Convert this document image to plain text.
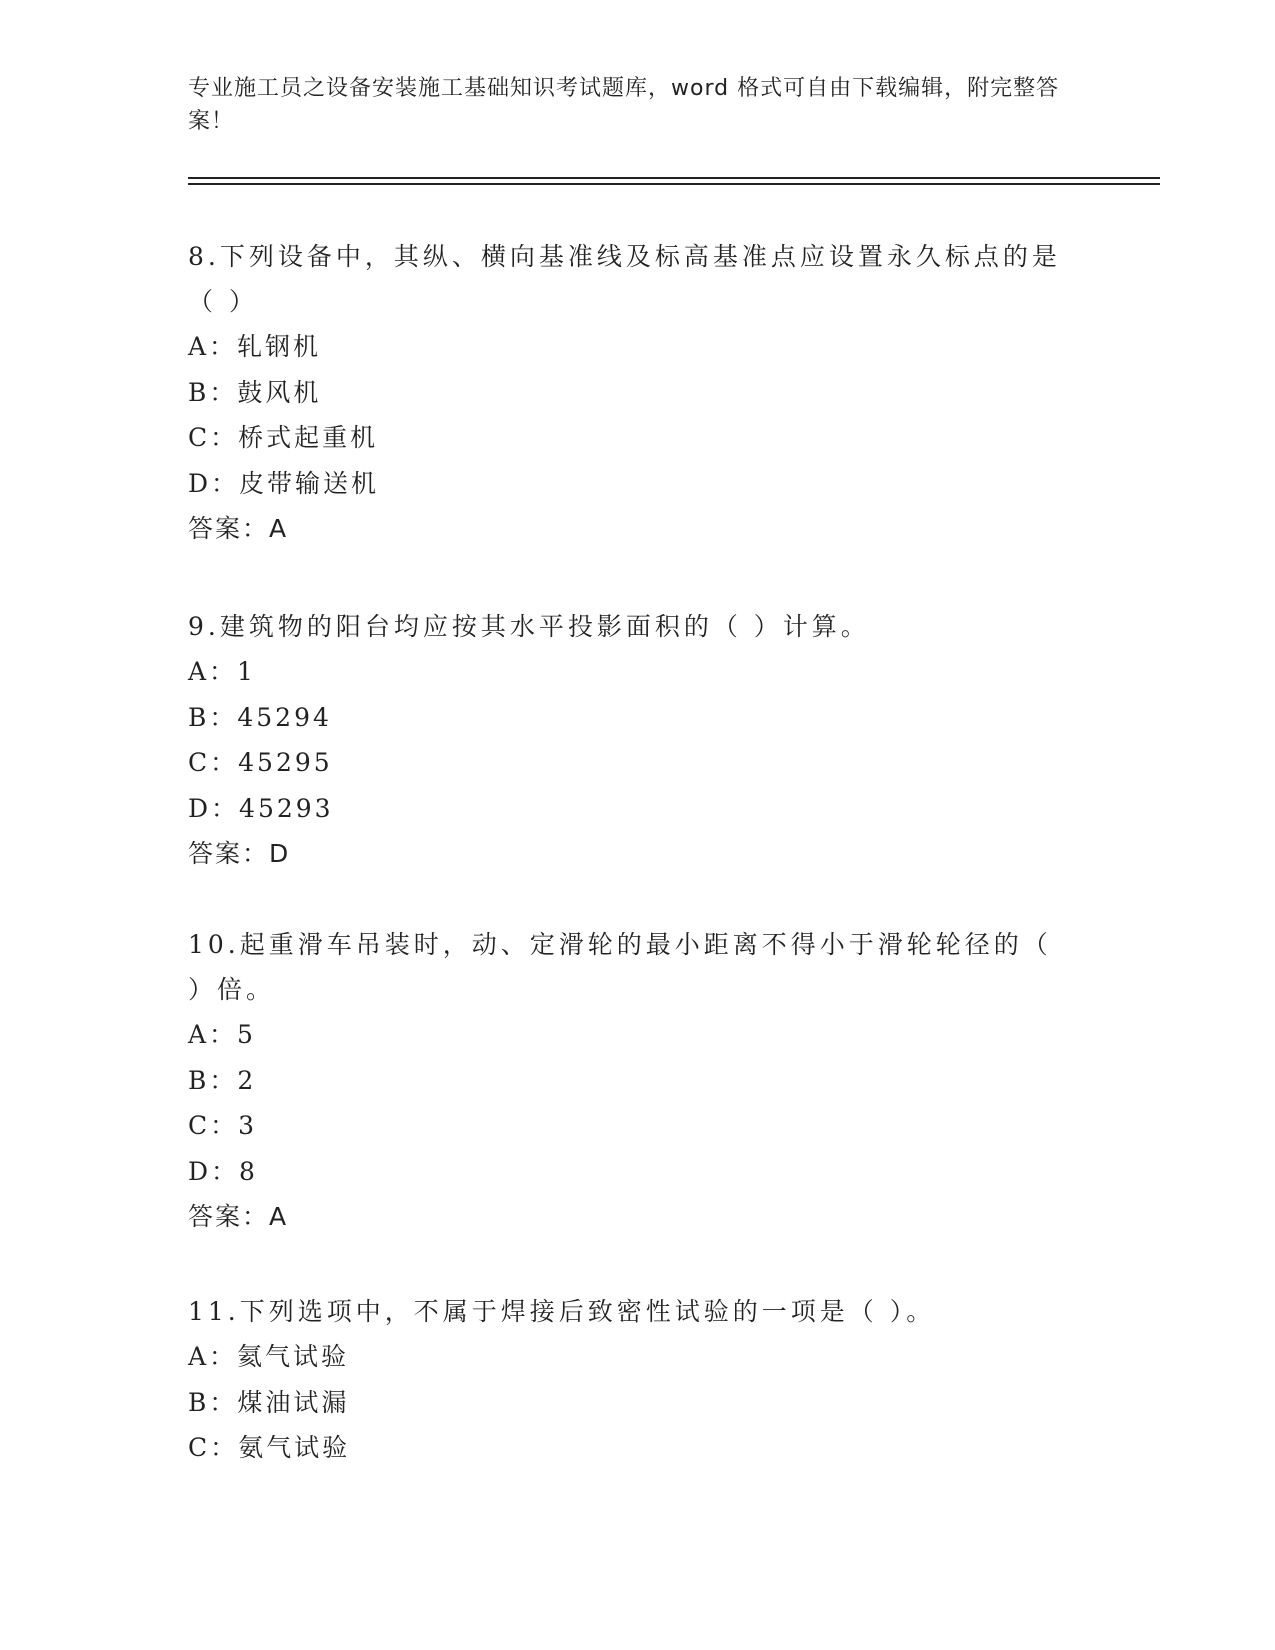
专业施工员之设备安装施工基础知识考试题库，word 格式可自由下载编辑，附完整答案！

8.下列设备中，其纵、横向基准线及标高基准点应设置永久标点的是

（ ）

A：轧钢机

B：鼓风机

C：桥式起重机

D：皮带输送机

答案：A

9.建筑物的阳台均应按其水平投影面积的（ ）计算。

A：1

B：45294

C：45295

D：45293

答案：D

10.起重滑车吊装时，动、定滑轮的最小距离不得小于滑轮轮径的（

）倍。

A：5

B：2

C：3

D：8

答案：A

11.下列选项中，不属于焊接后致密性试验的一项是（ ）。

A：氦气试验

B：煤油试漏

C：氨气试验
